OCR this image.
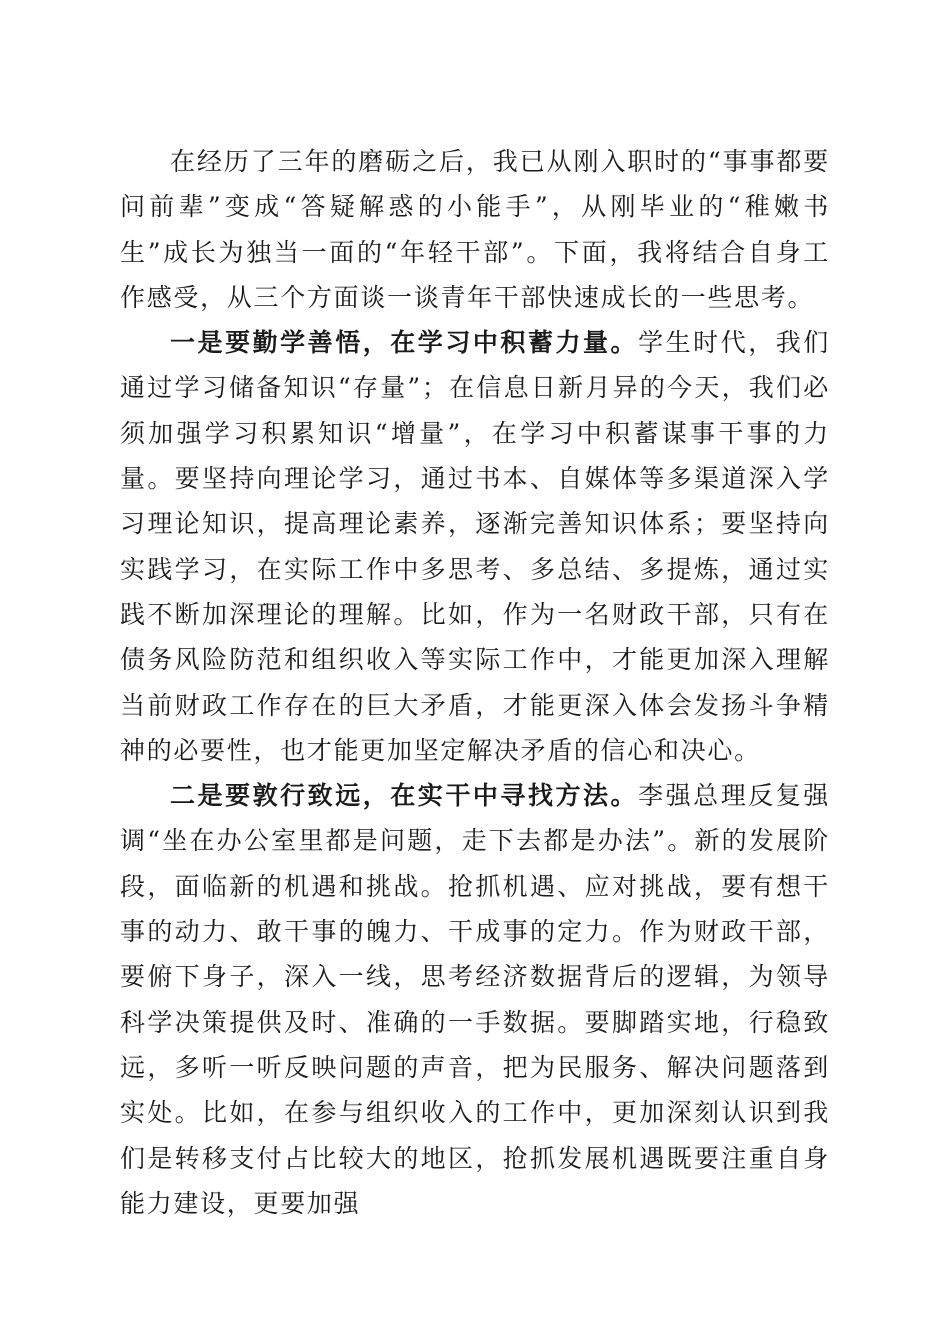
在经历了三年的磨砺之后，我已从刚入职时的“事事都要问前辈”变成“答疑解惑的小能手”，从刚毕业的“稚嫩书生”成长为独当一面的“年轻干部”。下面，我将结合自身工作感受，从三个方面谈一谈青年干部快速成长的一些思考。

一是要勤学善悟，在学习中积蓄力量。学生时代，我们通过学习储备知识“存量”；在信息日新月异的今天，我们必须加强学习积累知识“增量”，在学习中积蓄谋事干事的力量。要坚持向理论学习，通过书本、自媒体等多渠道深入学习理论知识，提高理论素养，逐渐完善知识体系；要坚持向实践学习，在实际工作中多思考、多总结、多提炼，通过实践不断加深理论的理解。比如，作为一名财政干部，只有在债务风险防范和组织收入等实际工作中，才能更加深入理解当前财政工作存在的巨大矛盾，才能更深入体会发扬斗争精神的必要性，也才能更加坚定解决矛盾的信心和决心。

二是要敦行致远，在实干中寻找方法。李强总理反复强调“坐在办公室里都是问题，走下去都是办法”。新的发展阶段，面临新的机遇和挑战。抢抓机遇、应对挑战，要有想干事的动力、敢干事的魄力、干成事的定力。作为财政干部，要俯下身子，深入一线，思考经济数据背后的逻辑，为领导科学决策提供及时、准确的一手数据。要脚踏实地，行稳致远，多听一听反映问题的声音，把为民服务、解决问题落到实处。比如，在参与组织收入的工作中，更加深刻认识到我们是转移支付占比较大的地区，抢抓发展机遇既要注重自身能力建设，更要加强
